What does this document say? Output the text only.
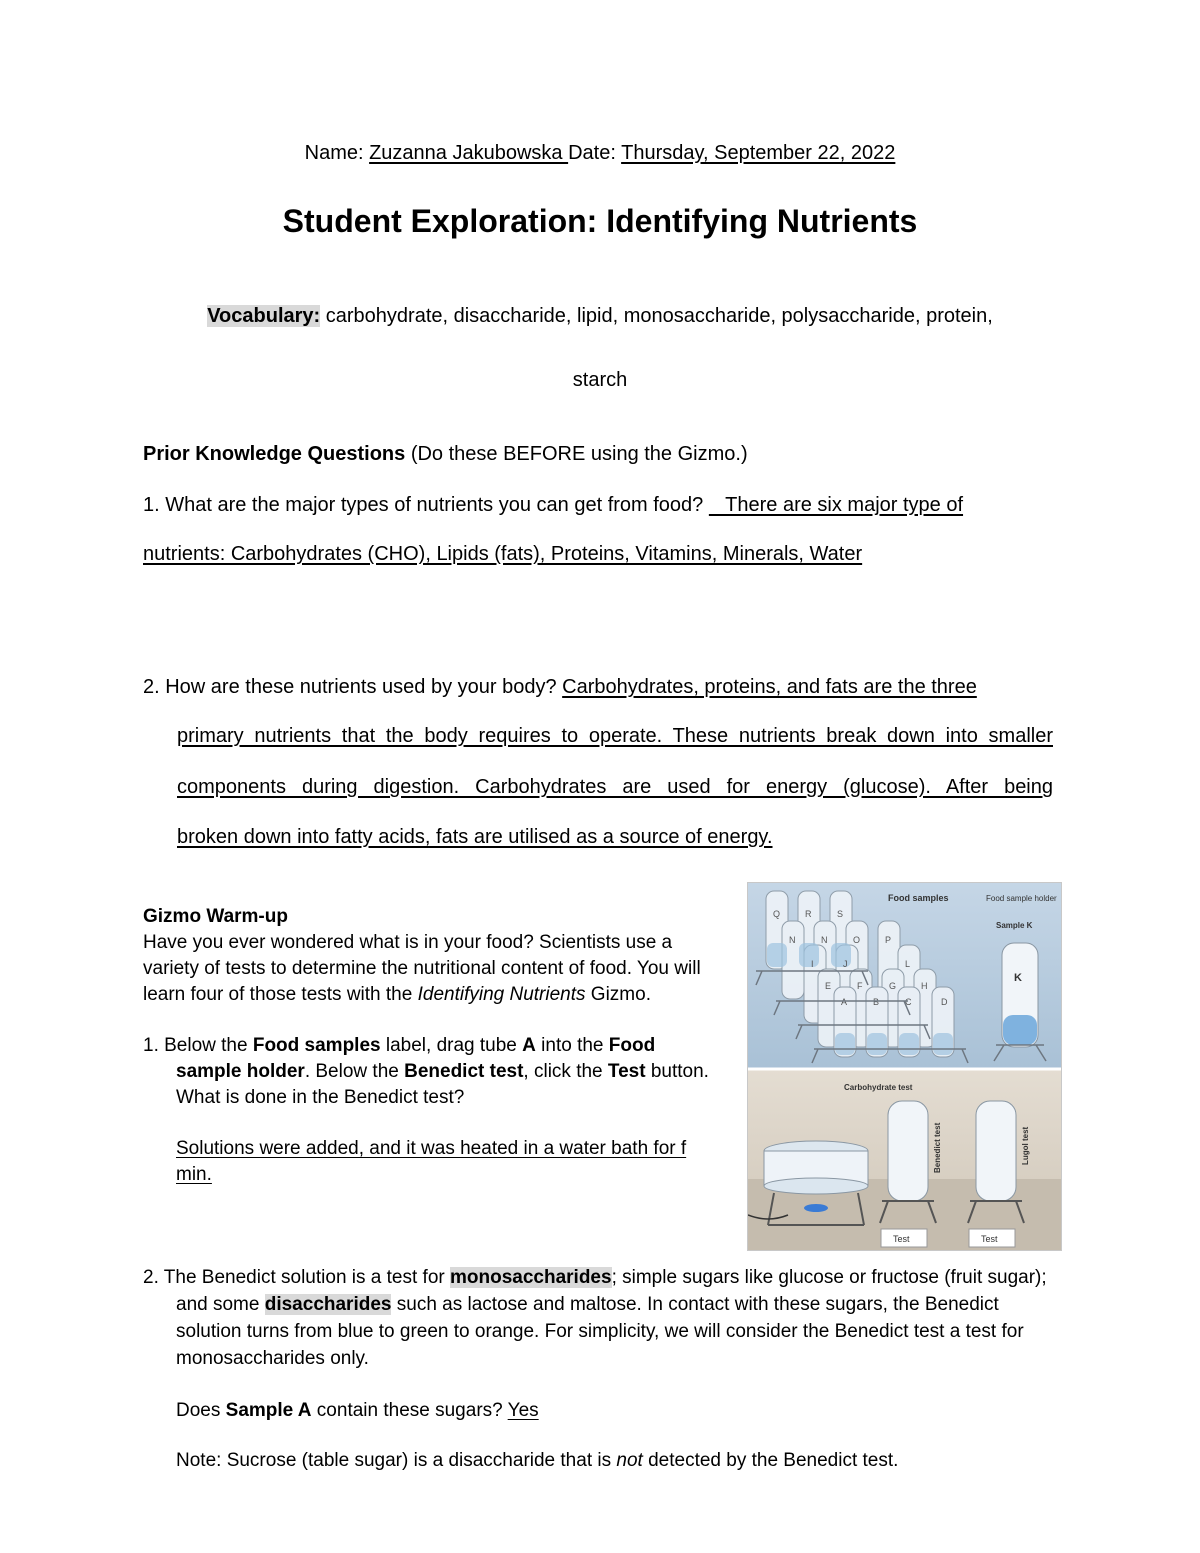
Name: Zuzanna Jakubowska Date: Thursday, September 22, 2022
Student Exploration: Identifying Nutrients
Vocabulary: carbohydrate, disaccharide, lipid, monosaccharide, polysaccharide, protein,
starch
Prior Knowledge Questions (Do these BEFORE using the Gizmo.)
1. What are the major types of nutrients you can get from food?    There are six major type of
nutrients: Carbohydrates (CHO), Lipids (fats), Proteins, Vitamins, Minerals, Water
2. How are these nutrients used by your body? Carbohydrates, proteins, and fats are the three
primary nutrients that the body requires to operate. These nutrients break down into smaller
components during digestion. Carbohydrates are used for energy (glucose). After being
broken down into fatty acids, fats are utilised as a source of energy.

Gizmo Warm-up

Have you ever wondered what is in your food? Scientists use a variety of tests to determine the nutritional content of food. You will learn four of those tests with the Identifying Nutrients Gizmo.

1. Below the Food samples label, drag tube A into the Food sample holder. Below the Benedict test, click the Test button. What is done in the Benedict test?

Solutions were added, and it was heated in a water bath for f min.

Food samples	Food sample holder
Sample K
Q	R	S
N	N	O	P
I	J	L
E	F	G	H
A	B	C	D
K
Carbohydrate test
Benedict test	Lugol test
Test	Test

2. The Benedict solution is a test for monosaccharides; simple sugars like glucose or fructose (fruit sugar); and some disaccharides such as lactose and maltose. In contact with these sugars, the Benedict solution turns from blue to green to orange. For simplicity, we will consider the Benedict test a test for monosaccharides only.

Does Sample A contain these sugars? Yes

Note: Sucrose (table sugar) is a disaccharide that is not detected by the Benedict test.
